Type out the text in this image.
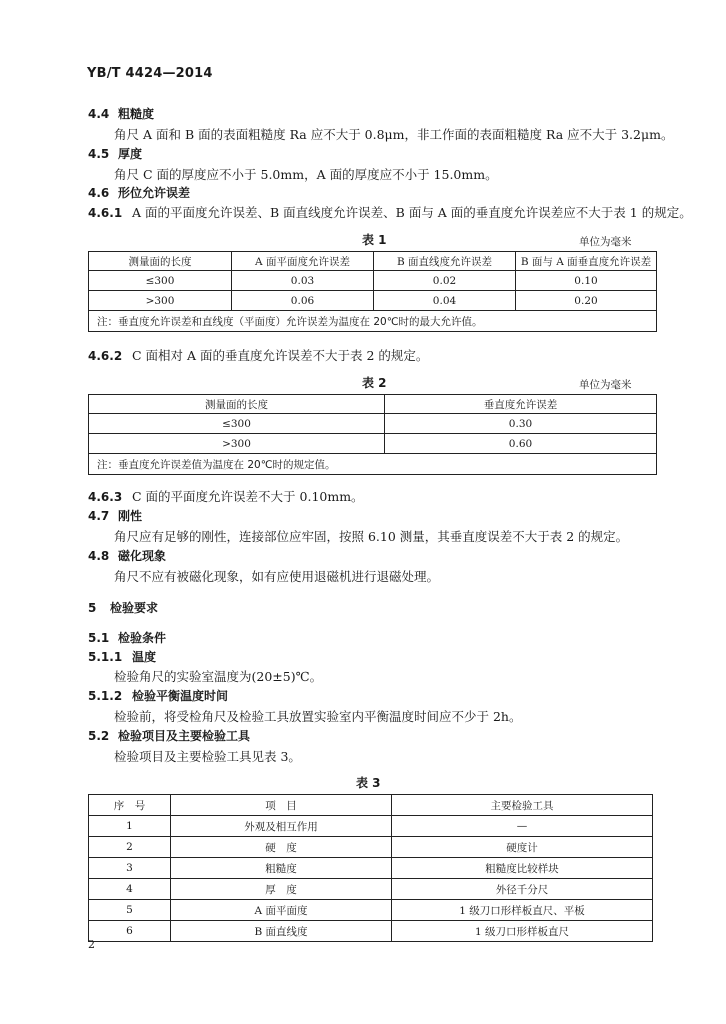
YB/T 4424—2014
4.4 粗糙度
角尺 A 面和 B 面的表面粗糙度 Ra 应不大于 0.8μm，非工作面的表面粗糙度 Ra 应不大于 3.2μm。
4.5 厚度
角尺 C 面的厚度应不小于 5.0mm，A 面的厚度应不小于 15.0mm。
4.6 形位允许误差
4.6.1 A 面的平面度允许误差、B 面直线度允许误差、B 面与 A 面的垂直度允许误差应不大于表 1 的规定。
表 1	单位为毫米
测量面的长度	A 面平面度允许误差	B 面直线度允许误差	B 面与 A 面垂直度允许误差
≤300	0.03	0.02	0.10
>300	0.06	0.04	0.20
注：垂直度允许误差和直线度（平面度）允许误差为温度在 20℃时的最大允许值。			
4.6.2 C 面相对 A 面的垂直度允许误差不大于表 2 的规定。
表 2	单位为毫米
测量面的长度	垂直度允许误差
≤300	0.30
>300	0.60
注：垂直度允许误差值为温度在 20℃时的规定值。	
4.6.3 C 面的平面度允许误差不大于 0.10mm。
4.7 刚性
角尺应有足够的刚性，连接部位应牢固，按照 6.10 测量，其垂直度误差不大于表 2 的规定。
4.8 磁化现象
角尺不应有被磁化现象，如有应使用退磁机进行退磁处理。
5 检验要求
5.1 检验条件
5.1.1 温度
检验角尺的实验室温度为(20±5)℃。
5.1.2 检验平衡温度时间
检验前，将受检角尺及检验工具放置实验室内平衡温度时间应不少于 2h。
5.2 检验项目及主要检验工具
检验项目及主要检验工具见表 3。
表 3
序　号	项　目	主要检验工具
1	外观及相互作用	—
2	硬　度	硬度计
3	粗糙度	粗糙度比较样块
4	厚　度	外径千分尺
5	A 面平面度	1 级刀口形样板直尺、平板
6	B 面直线度	1 级刀口形样板直尺
2
